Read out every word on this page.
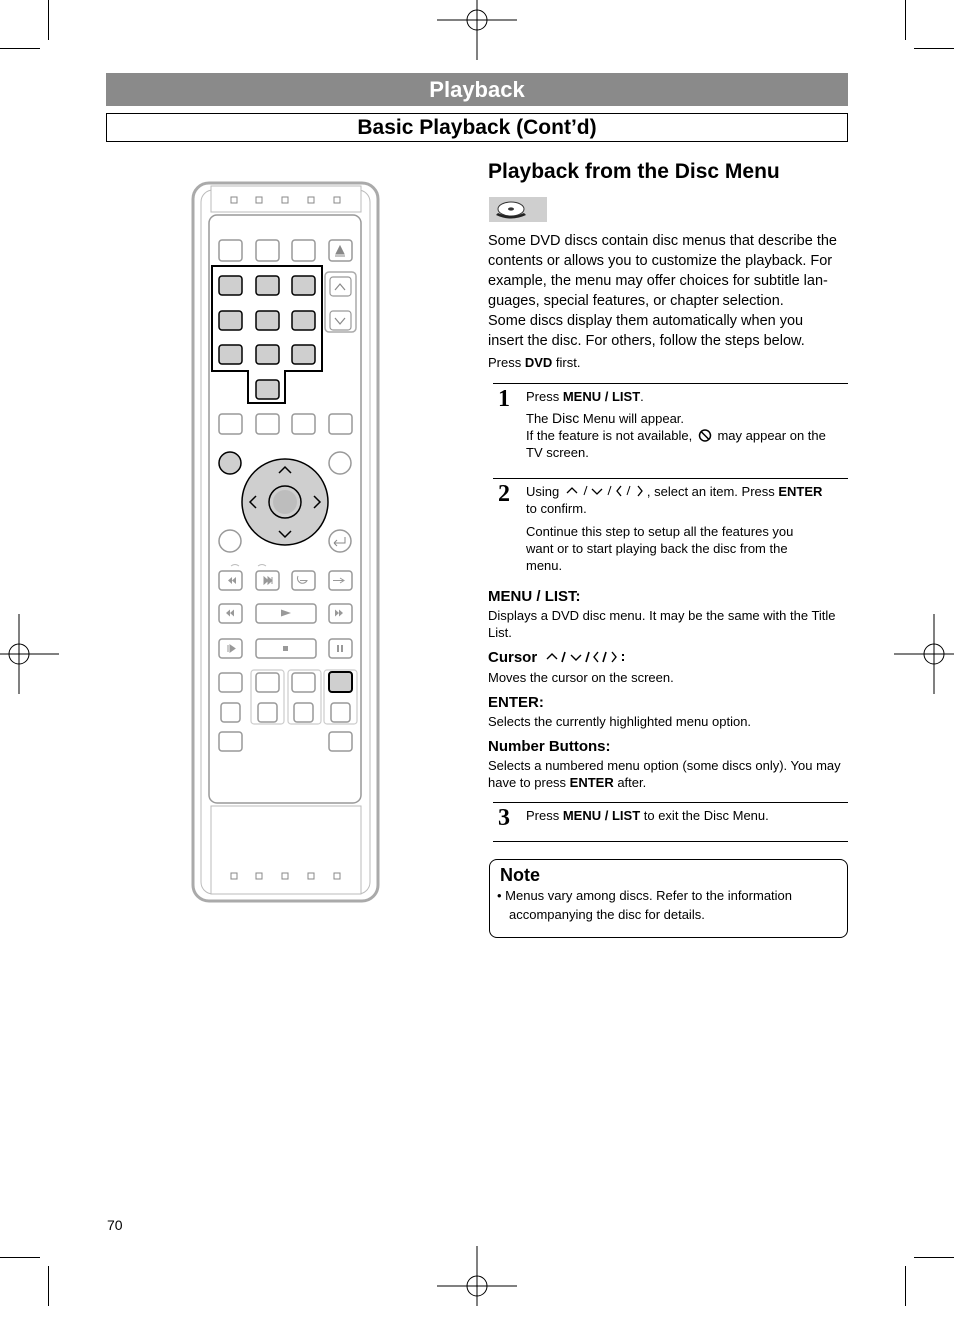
Playback
Basic Playback (Cont’d)
Playback from the Disc Menu
Some DVD discs contain disc menus that describe the
contents or allows you to customize the playback. For
example, the menu may offer choices for subtitle lan-
guages, special features, or chapter selection.
Some discs display them automatically when you
insert the disc. For others, follow the steps below.
Press DVD first.
1 Press MENU / LIST.
The Disc Menu will appear.
If the feature is not available, may appear on the
TV screen.
2 Using	, select an item. Press ENTER
to confirm.
Continue this step to setup all the features you
want or to start playing back the disc from the
menu.
MENU / LIST:
Displays a DVD disc menu. It may be the same with the Title
List.
Cursor
Moves the cursor on the screen.
ENTER:
Selects the currently highlighted menu option.
Number Buttons:
Selects a numbered menu option (some discs only). You may
have to press ENTER after.
3 Press MENU / LIST to exit the Disc Menu.
Note
• Menus vary among discs. Refer to the information
accompanying the disc for details.
70
